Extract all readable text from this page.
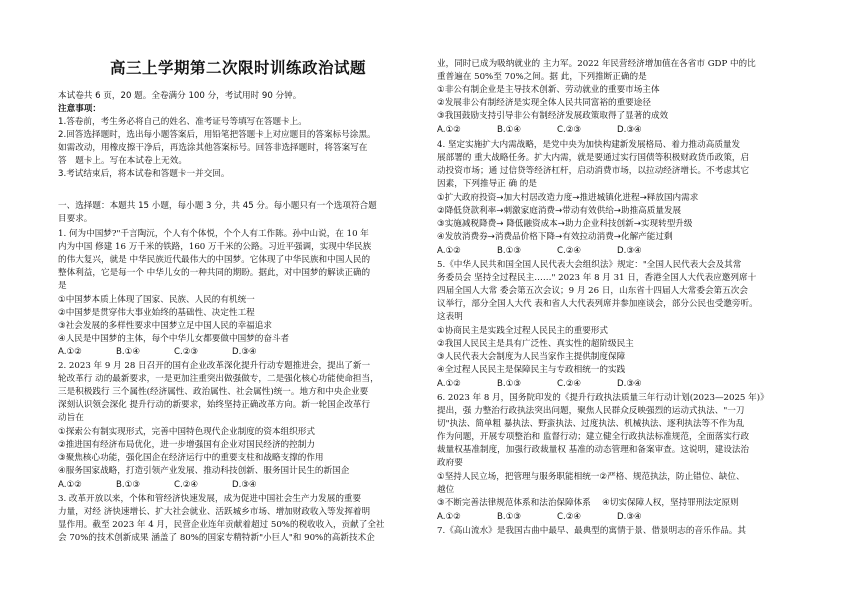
高三上学期第二次限时训练政治试题
本试卷共 6 页，20 题。全卷满分 100 分，考试用时 90 分钟。
注意事项：
1.答卷前，考生务必将自己的姓名、准考证号等填写在答题卡上。
2.回答选择题时，选出每小题答案后，用铅笔把答题卡上对应题目的答案标号涂黑。
如需改动，用橡皮擦干净后，再选涂其他答案标号。回答非选择题时，将答案写在
答　题卡上。写在本试卷上无效。
3.考试结束后，将本试卷和答题卡一并交回。
一、选择题：本题共 15 小题，每小题 3 分，共 45 分。每小题只有一个选项符合题
目要求。
1. 何为中国梦?"千言陶沅，个人有个体悦，个个人有工作陈。孙中山说，在 10 年
内为中国 修建 16 万千米的铁路，160 万千米的公路。习近平强调，实现中华民族
的伟大复兴，就是 中华民族近代最伟大的中国梦。它体现了中华民族和中国人民的
整体利益，它是每一个 中华儿女的一种共同的期盼。据此，对中国梦的解读正确的
是
①中国梦本质上体现了国家、民族、人民的有机统一
②中国梦是贯穿伟大事业始终的基础性、决定性工程
③社会发展的多样性要求中国梦立足中国人民的幸福追求
④人民是中国梦的主体，每个中华儿女都要做中国梦的奋斗者
A.①②	B.①④	C.②③	D.③④
2. 2023 年 9 月 28 日召开的国有企业改革深化提升行动专题推进会，提出了新一
轮改革行 动的最新要求，一是更加注重突出做强做专，二是强化核心功能使命担当，
三是积极践行 三个属性(经济属性、政治属性、社会属性)统一。地方和中央企业要
深刻认识领会深化 提升行动的新要求，始终坚持正确改革方向。新一轮国企改革行
动旨在
①探索公有制实现形式，完善中国特色现代企业制度的资本组织形式
②推进国有经济布局优化，进一步增强国有企业对国民经济的控制力
③聚焦核心功能，强化国企在经济运行中的重要支柱和战略支撑的作用
④服务国家战略，打造引领产业发展、推动科技创新、服务国计民生的新国企
A.①②	B.①③	C.②④	D.③④
3. 改革开放以来，个体和管经济快速发展，成为促进中国社会生产力发展的重要
力量，对经 济快速增长、扩大社会就业、活跃城乡市场、增加财政收入等发挥着明
显作用。截至 2023 年 4 月，民营企业连年贡献着超过 50%的税收收入，贡献了全社
会 70%的技术创新成果 涵盖了 80%的国家专精特新"小巨人"和 90%的高新技术企
业，同时已成为吸纳就业的 主力军。2022 年民营经济增加值在各省市 GDP 中的比
重普遍在 50%至 70%之间。据 此，下列推断正确的是
①非公有制企业是主导技术创新、劳动就业的重要市场主体
②发展非公有制经济是实现全体人民共同富裕的重要途径
③我国鼓励支持引导非公有制经济发展政策取得了显著的成效
A.①②	B.①④	C.②③	D.③④
4. 坚定实施扩大内需战略，是党中央为加快构建新发展格局、着力推动高质量发
展部署的 重大战略任务。扩大内需，就是要通过实行国债等积极财政货币政策，启
动投资市场；通 过信贷等经济杠杆，启动消费市场，以拉动经济增长。不考虑其它
因素，下列推导正 确 的是
①扩大政府投资→加大村居改造力度→推进城镇化进程→释放国内需求
②降低贷款利率→刺激家庭消费→带动有效供给→助推高质量发展
③实施减税降费→ 降低融资成本→助力企业科技创新→实现转型升级
④发放消费券→消费品价格下降→有效拉动消费→化解产能过剩
A.①②	B.①③	C.②④	D.③④
5.《中华人民共和国全国人民代表大会组织法》规定："全国人民代表大会及其常
务委员会 坚持全过程民主……" 2023 年 8 月 31 日，香港全国人大代表应邀列席十
四届全国人大常 委会第五次会议；9 月 26 日，山东省十四届人大常委会第五次会
议举行，部分全国人大代 表和省人大代表列席并参加座谈会，部分公民也受邀旁听。
这表明
①协商民主是实践全过程人民民主的重要形式
②我国人民民主是具有广泛性、真实性的超阶级民主
③人民代表大会制度为人民当家作主提供制度保障
④全过程人民民主是保障民主与专政相统一的实践
A.①②	B.①③	C.②④	D.③④
6. 2023 年 8 月，国务院印发的《提升行政执法质量三年行动计划(2023—2025 年)》
提出，强 力整治行政执法突出问题，聚焦人民群众反映强烈的运动式执法、"一刀
切"执法、简单粗 暴执法、野蛮执法、过度执法、机械执法、逐利执法等不作为乱
作为问题，开展专项整治和 监督行动；建立健全行政执法标准规范，全面落实行政
裁量权基准制度，加强行政裁量权 基准的动态管理和备案审查。这说明，建设法治
政府要
①坚持人民立场，把管理与服务职能相统一②严格、规范执法，防止错位、缺位、
越位
③不断完善法律规范体系和法治保障体系　 ④切实保障人权，坚持罪刑法定原则
A.①②	B.①③	C.②④	D.③④
7.《高山流水》是我国古曲中最早、最典型的寓情于景、借景明志的音乐作品。其
